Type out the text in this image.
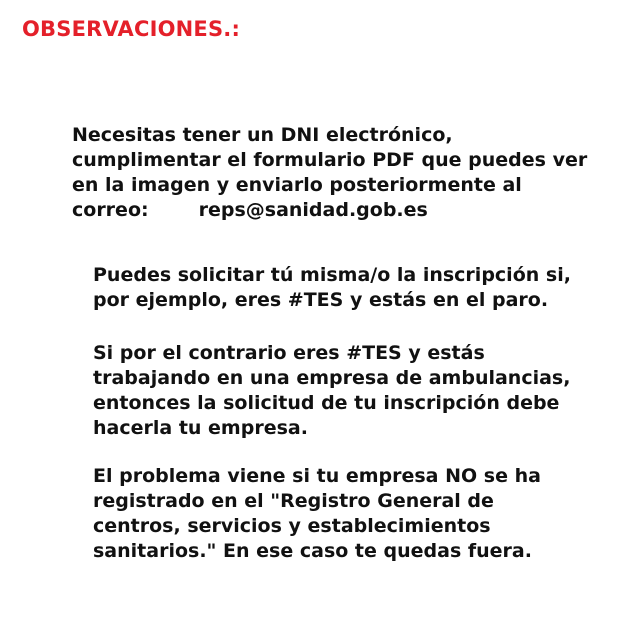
OBSERVACIONES.:

Necesitas tener un DNI electrónico,
cumplimentar el formulario PDF que puedes ver
en la imagen y enviarlo posteriormente al
correo:	reps@sanidad.gob.es

Puedes solicitar tú misma/o la inscripción si,
por ejemplo, eres #TES y estás en el paro.

Si por el contrario eres #TES y estás
trabajando en una empresa de ambulancias,
entonces la solicitud de tu inscripción debe
hacerla tu empresa.

El problema viene si tu empresa NO se ha
registrado en el "Registro General de
centros, servicios y establecimientos
sanitarios." En ese caso te quedas fuera.
